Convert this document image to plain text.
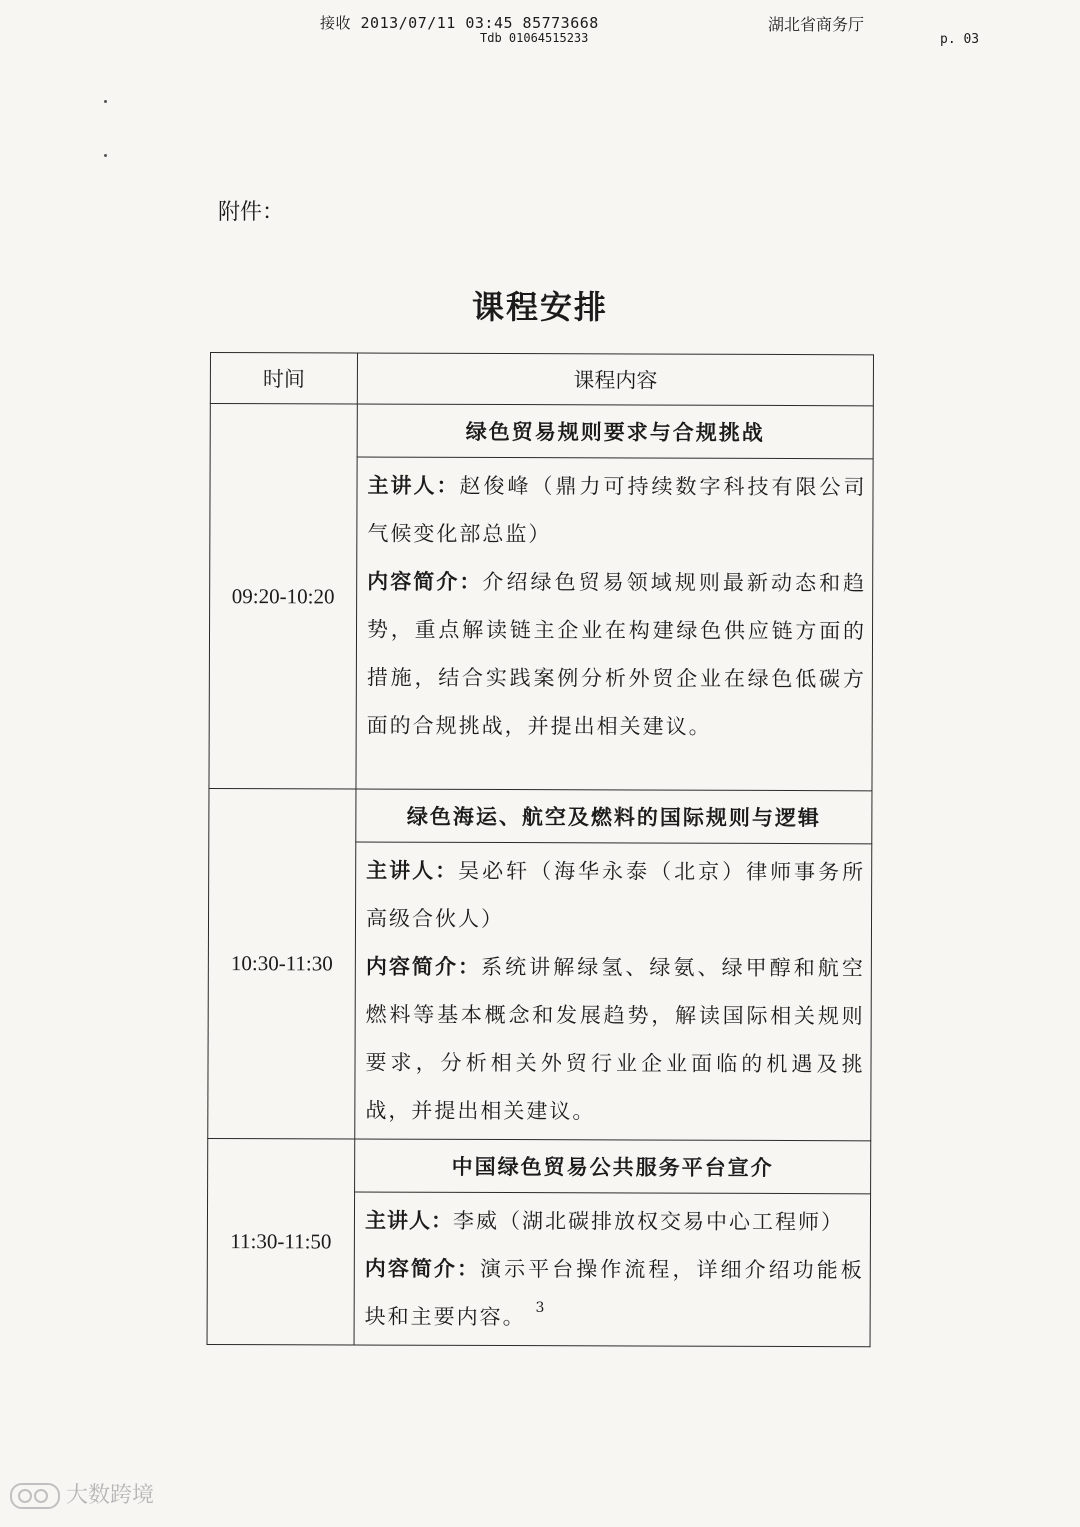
接收 2013/07/11 03:45 85773668
Tdb 01064515233
湖北省商务厅
p. 03
附件：
课程安排
时间	课程内容
09:20-10:20	绿色贸易规则要求与合规挑战

	主讲人：赵俊峰（鼎力可持续数字科技有限公司气候变化部总监）
内容简介：介绍绿色贸易领域规则最新动态和趋势，重点解读链主企业在构建绿色供应链方面的措施，结合实践案例分析外贸企业在绿色低碳方面的合规挑战，并提出相关建议。

10:30-11:30	绿色海运、航空及燃料的国际规则与逻辑

	主讲人：吴必轩（海华永泰（北京）律师事务所高级合伙人）
内容简介：系统讲解绿氢、绿氨、绿甲醇和航空燃料等基本概念和发展趋势，解读国际相关规则要求，分析相关外贸行业企业面临的机遇及挑战，并提出相关建议。

11:30-11:50	中国绿色贸易公共服务平台宣介

	主讲人：李威（湖北碳排放权交易中心工程师）
内容简介：演示平台操作流程，详细介绍功能板块和主要内容。 3
大数跨境
